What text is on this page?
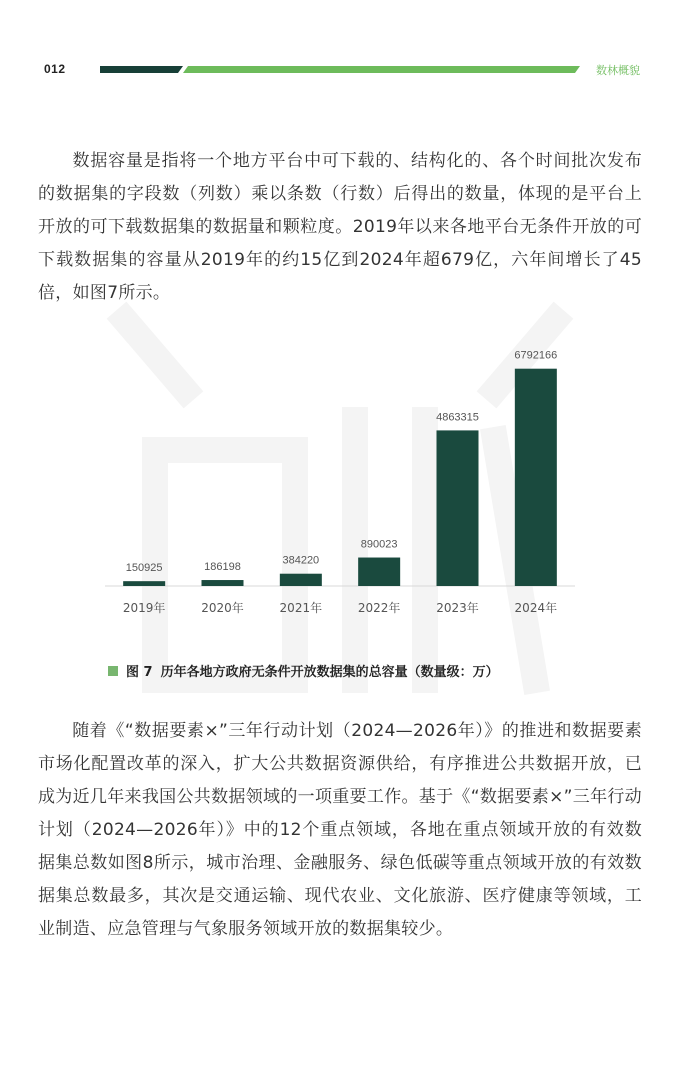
012	数林概貌

数据容量是指将一个地方平台中可下载的、结构化的、各个时间批次发布的数据集的字段数（列数）乘以条数（行数）后得出的数量，体现的是平台上开放的可下载数据集的数据量和颗粒度。2019年以来各地平台无条件开放的可下载数据集的容量从2019年的约15亿到2024年超679亿，六年间增长了45倍，如图7所示。

150925
2019年
186198
2020年
384220
2021年
890023
2022年
4863315
2023年
6792166
2024年
图 7 历年各地方政府无条件开放数据集的总容量（数量级：万）

随着《“数据要素×”三年行动计划（2024—2026年）》的推进和数据要素市场化配置改革的深入，扩大公共数据资源供给，有序推进公共数据开放，已成为近几年来我国公共数据领域的一项重要工作。基于《“数据要素×”三年行动计划（2024—2026年）》中的12个重点领域，各地在重点领域开放的有效数据集总数如图8所示，城市治理、金融服务、绿色低碳等重点领域开放的有效数据集总数最多，其次是交通运输、现代农业、文化旅游、医疗健康等领域，工业制造、应急管理与气象服务领域开放的数据集较少。
